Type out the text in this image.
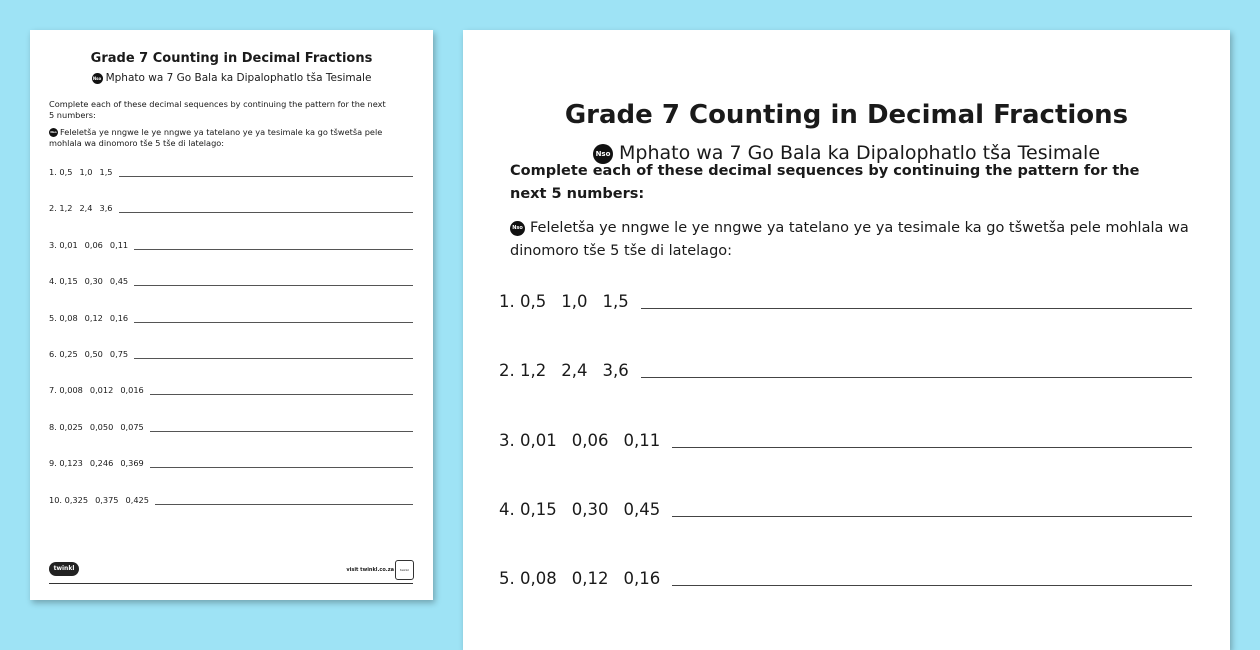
Grade 7 Counting in Decimal Fractions
Nso Mphato wa 7 Go Bala ka Dipalophatlo tša Tesimale
Complete each of these decimal sequences by continuing the pattern for the next 5 numbers:
Nso Feleletša ye nngwe le ye nngwe ya tatelano ye ya tesimale ka go tšwetša pele mohlala wa dinomoro tše 5 tše di latelago:
1. 0,5 1,0 1,5
2. 1,2 2,4 3,6
3. 0,01 0,06 0,11
4. 0,15 0,30 0,45
5. 0,08 0,12 0,16
6. 0,25 0,50 0,75
7. 0,008 0,012 0,016
8. 0,025 0,050 0,075
9. 0,123 0,246 0,369
10. 0,325 0,375 0,425
twinkl	visit twinkl.co.za	twinkl
Grade 7 Counting in Decimal Fractions
Nso Mphato wa 7 Go Bala ka Dipalophatlo tša Tesimale
Complete each of these decimal sequences by continuing the pattern for the next 5 numbers:
Nso Feleletša ye nngwe le ye nngwe ya tatelano ye ya tesimale ka go tšwetša pele mohlala wa dinomoro tše 5 tše di latelago:
1. 0,5 1,0 1,5
2. 1,2 2,4 3,6
3. 0,01 0,06 0,11
4. 0,15 0,30 0,45
5. 0,08 0,12 0,16
